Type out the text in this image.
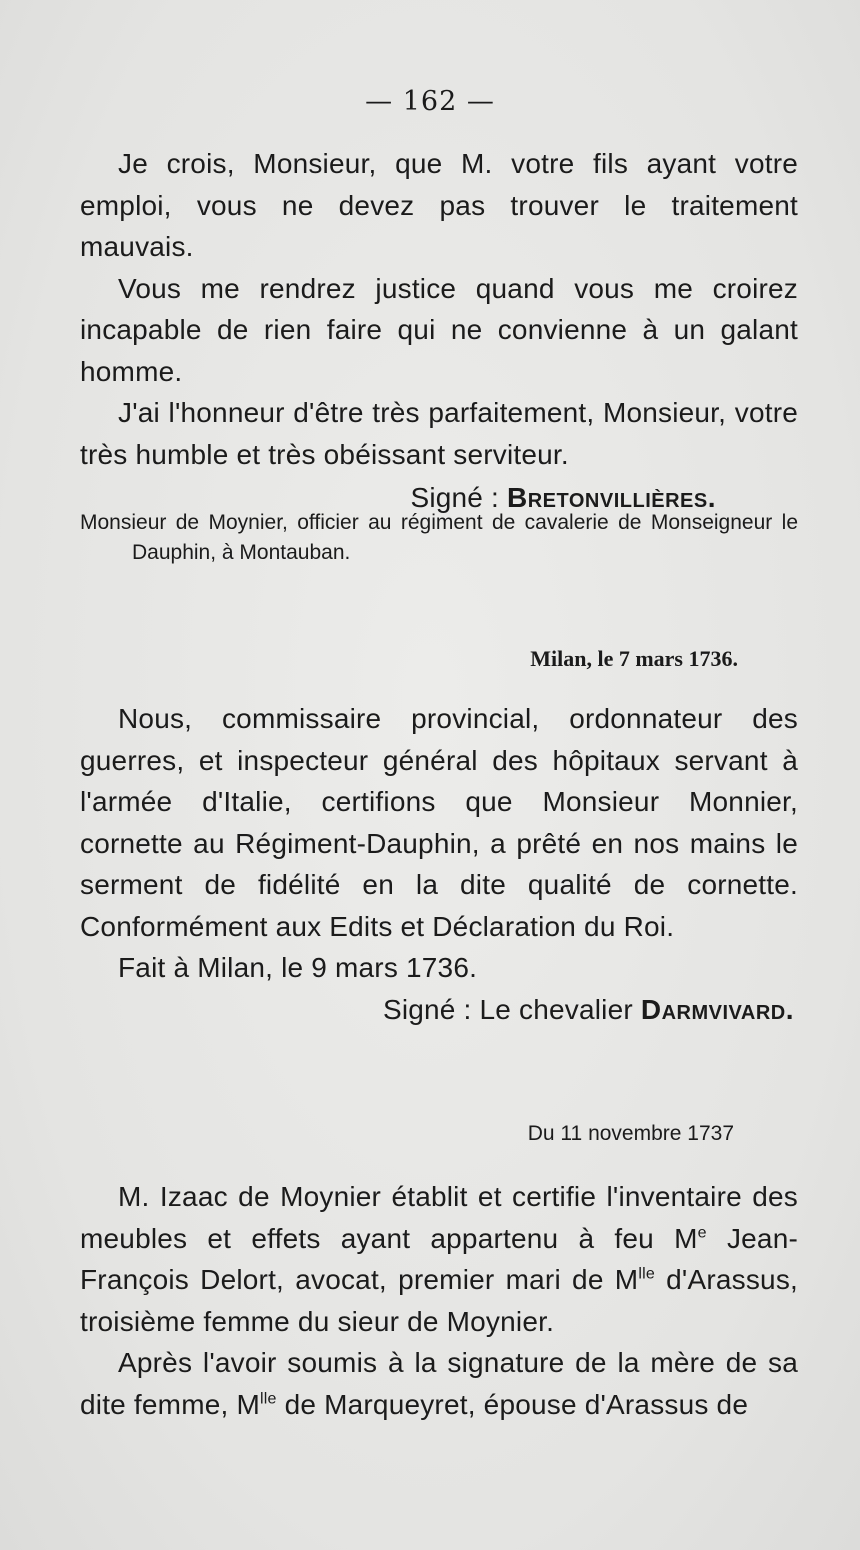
— 162 —

Je crois, Monsieur, que M. votre fils ayant votre emploi, vous ne devez pas trouver le traitement mauvais.

Vous me rendrez justice quand vous me croirez incapable de rien faire qui ne convienne à un galant homme.

J'ai l'honneur d'être très parfaitement, Monsieur, votre très humble et très obéissant serviteur.

Signé : Bretonvillières.

Monsieur de Moynier, officier au régiment de cavalerie de Monseigneur le Dauphin, à Montauban.

Milan, le 7 mars 1736.

Nous, commissaire provincial, ordonnateur des guerres, et inspecteur général des hôpitaux servant à l'armée d'Italie, certifions que Monsieur Monnier, cornette au Régiment-Dauphin, a prêté en nos mains le serment de fidélité en la dite qualité de cornette. Conformément aux Edits et Déclaration du Roi.

Fait à Milan, le 9 mars 1736.

Signé : Le chevalier Darmvivard.
Du 11 novembre 1737

M. Izaac de Moynier établit et certifie l'inventaire des meubles et effets ayant appartenu à feu Me Jean-François Delort, avocat, premier mari de $M^{lle}$ d'Arassus, troisième femme du sieur de Moynier.

Après l'avoir soumis à la signature de la mère de sa dite femme, $M^{lle}$ de Marqueyret, épouse d'Arassus de
